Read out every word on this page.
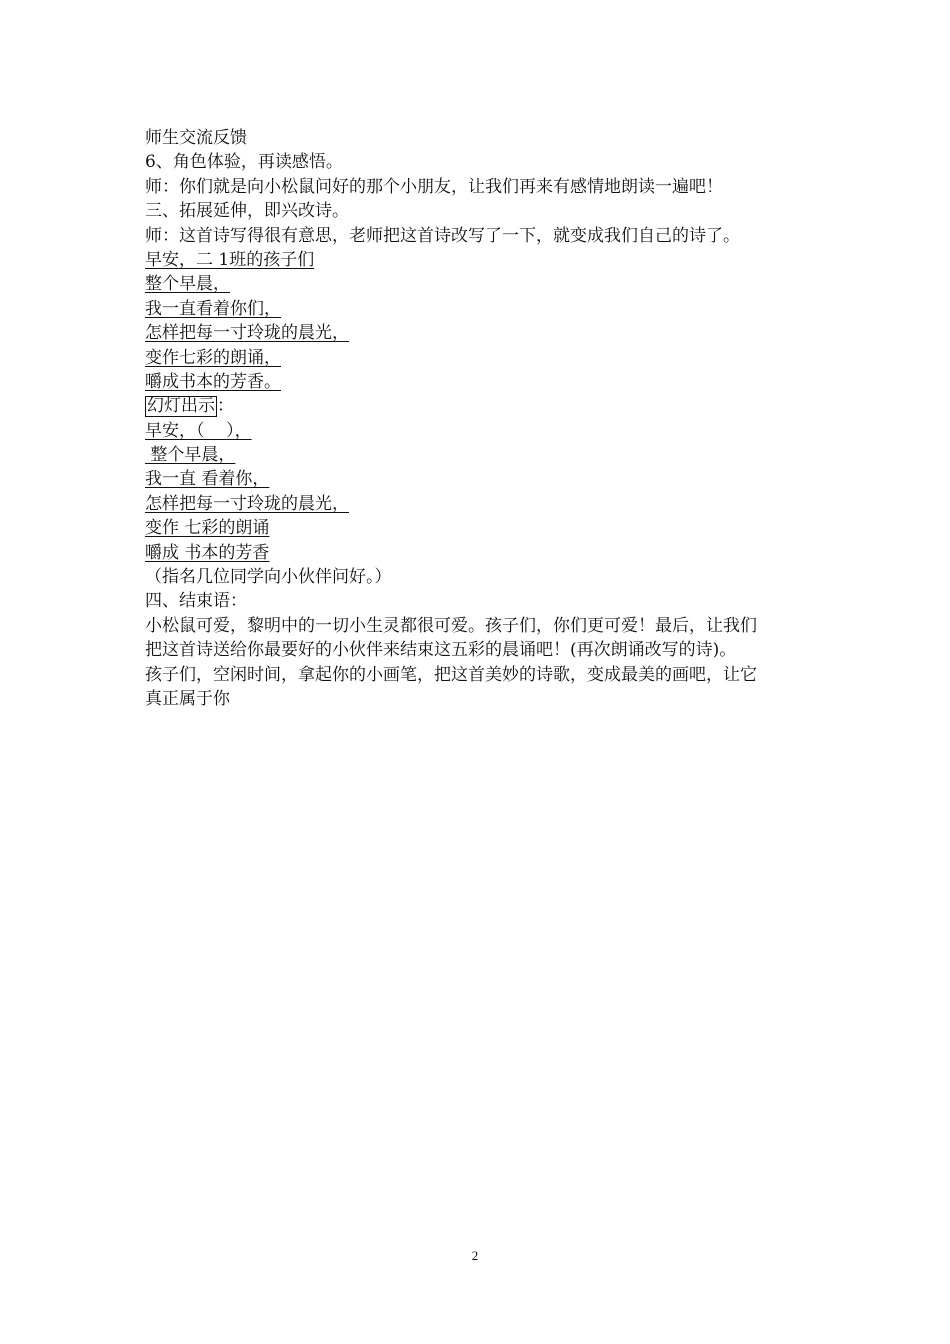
师生交流反馈
6、角色体验，再读感悟。
师：你们就是向小松鼠问好的那个小朋友，让我们再来有感情地朗读一遍吧！
三、拓展延伸，即兴改诗。
师：这首诗写得很有意思，老师把这首诗改写了一下，就变成我们自己的诗了。
早安，二 1班的孩子们
整个早晨，
我一直看着你们，
怎样把每一寸玲珑的晨光，
变作七彩的朗诵，
嚼成书本的芳香。
幻灯出示 ：
早安，（    ），
整个早晨，
我一直 看着你，
怎样把每一寸玲珑的晨光，
变作 七彩的朗诵
嚼成 书本的芳香
（指名几位同学向小伙伴问好。）
四、结束语：
小松鼠可爱，黎明中的一切小生灵都很可爱。孩子们，你们更可爱！最后，让我们
把这首诗送给你最要好的小伙伴来结束这五彩的晨诵吧！(再次朗诵改写的诗)。
孩子们，空闲时间，拿起你的小画笔，把这首美妙的诗歌，变成最美的画吧，让它
真正属于你
2
